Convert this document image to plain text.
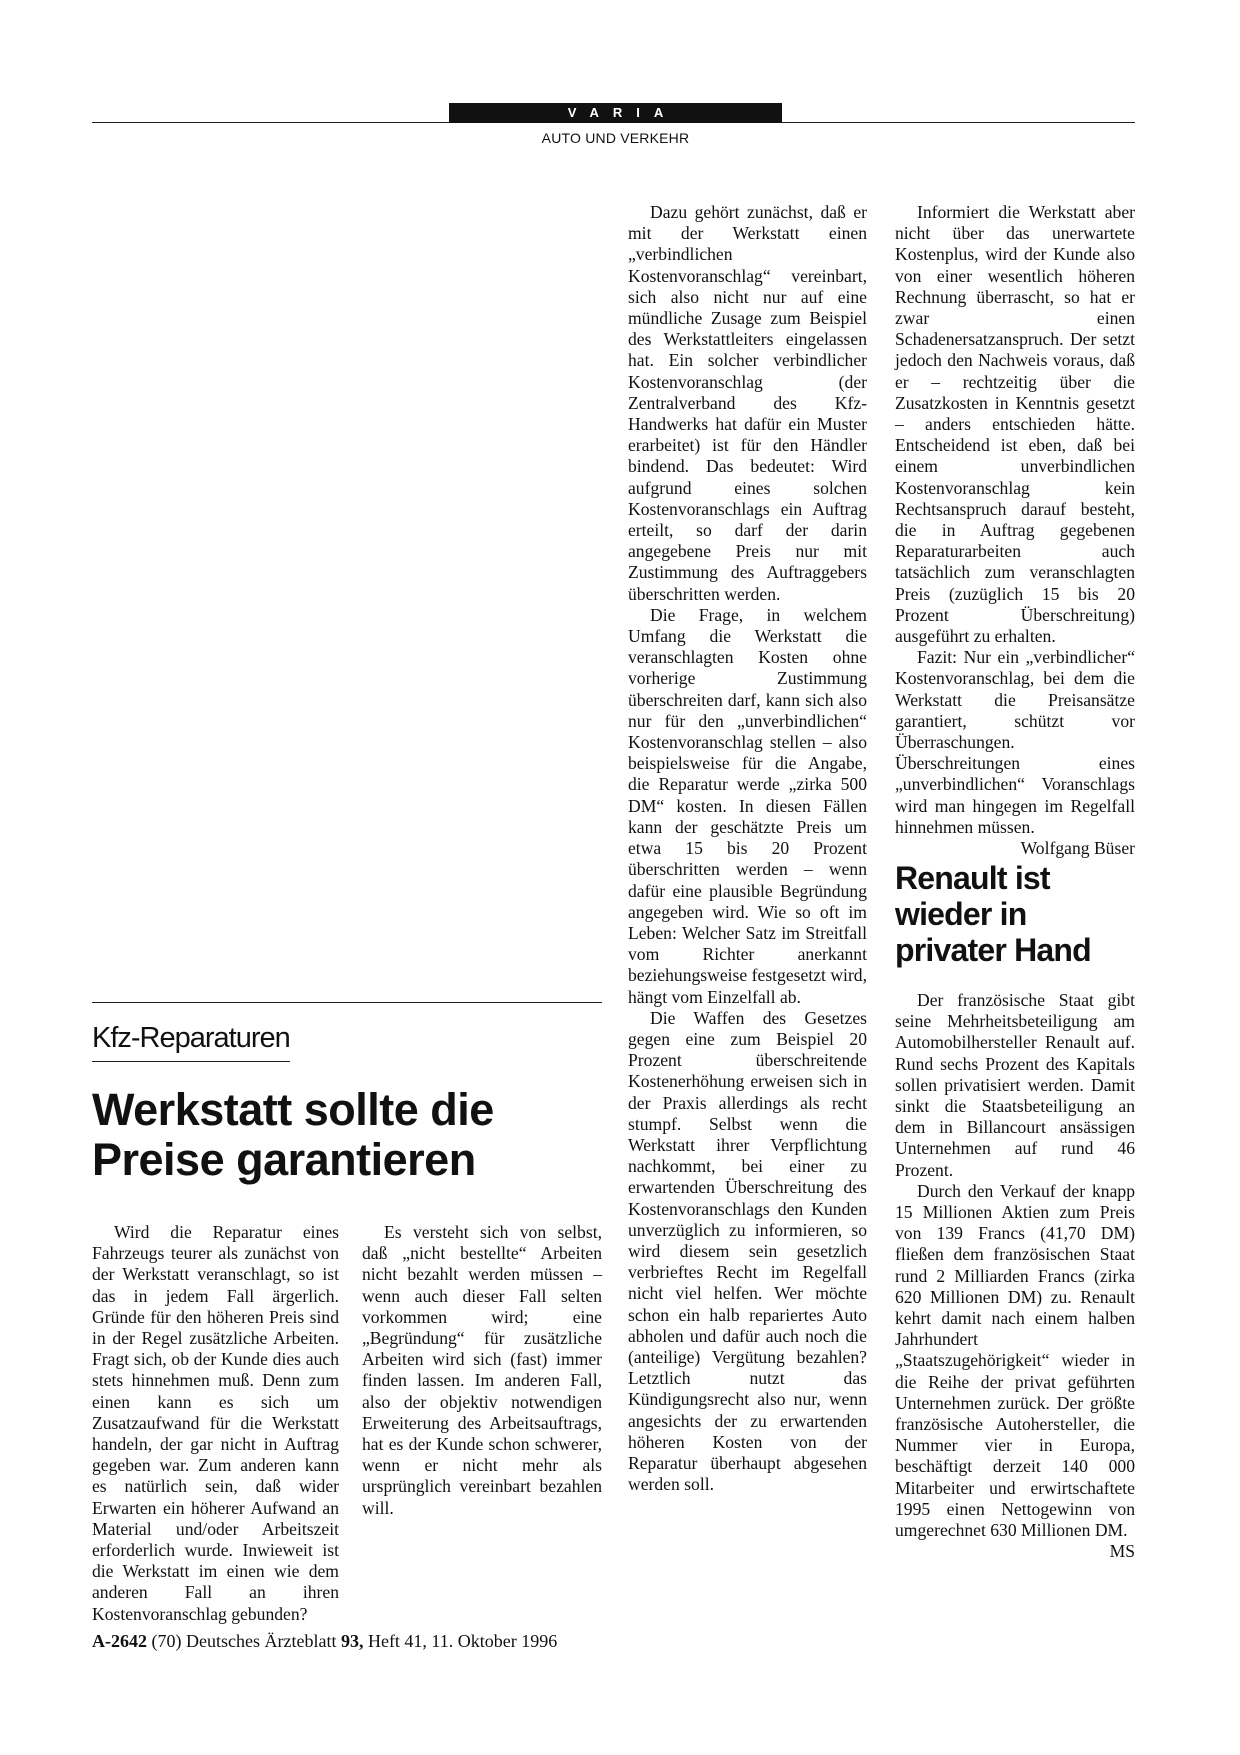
VARIA
AUTO UND VERKEHR
Kfz-Reparaturen
Werkstatt sollte die Preise garantieren

Wird die Reparatur eines Fahrzeugs teurer als zunächst von der Werkstatt veranschlagt, so ist das in jedem Fall ärgerlich. Gründe für den höheren Preis sind in der Regel zusätzliche Arbeiten. Fragt sich, ob der Kunde dies auch stets hinnehmen muß. Denn zum einen kann es sich um Zusatzaufwand für die Werkstatt handeln, der gar nicht in Auftrag gegeben war. Zum anderen kann es natürlich sein, daß wider Erwarten ein höherer Aufwand an Material und/oder Arbeitszeit erforderlich wurde. Inwieweit ist die Werkstatt im einen wie dem anderen Fall an ihren Kostenvoranschlag gebunden?

Es versteht sich von selbst, daß „nicht bestellte“ Arbeiten nicht bezahlt werden müssen – wenn auch dieser Fall selten vorkommen wird; eine „Begründung“ für zusätzliche Arbeiten wird sich (fast) immer finden lassen. Im anderen Fall, also der objektiv notwendigen Erweiterung des Arbeitsauftrags, hat es der Kunde schon schwerer, wenn er nicht mehr als ursprünglich vereinbart bezahlen will.

Dazu gehört zunächst, daß er mit der Werkstatt einen „verbindlichen Kostenvoranschlag“ vereinbart, sich also nicht nur auf eine mündliche Zusage zum Beispiel des Werkstattleiters eingelassen hat. Ein solcher verbindlicher Kostenvoranschlag (der Zentralverband des Kfz-Handwerks hat dafür ein Muster erarbeitet) ist für den Händler bindend. Das bedeutet: Wird aufgrund eines solchen Kostenvoranschlags ein Auftrag erteilt, so darf der darin angegebene Preis nur mit Zustimmung des Auftraggebers überschritten werden.

Die Frage, in welchem Umfang die Werkstatt die veranschlagten Kosten ohne vorherige Zustimmung überschreiten darf, kann sich also nur für den „unverbindlichen“ Kostenvoranschlag stellen – also beispielsweise für die Angabe, die Reparatur werde „zirka 500 DM“ kosten. In diesen Fällen kann der geschätzte Preis um etwa 15 bis 20 Prozent überschritten werden – wenn dafür eine plausible Begründung angegeben wird. Wie so oft im Leben: Welcher Satz im Streitfall vom Richter anerkannt beziehungsweise festgesetzt wird, hängt vom Einzelfall ab.

Die Waffen des Gesetzes gegen eine zum Beispiel 20 Prozent überschreitende Kostenerhöhung erweisen sich in der Praxis allerdings als recht stumpf. Selbst wenn die Werkstatt ihrer Verpflichtung nachkommt, bei einer zu erwartenden Überschreitung des Kostenvoranschlags den Kunden unverzüglich zu informieren, so wird diesem sein gesetzlich verbrieftes Recht im Regelfall nicht viel helfen. Wer möchte schon ein halb repariertes Auto abholen und dafür auch noch die (anteilige) Vergütung bezahlen? Letztlich nutzt das Kündigungsrecht also nur, wenn angesichts der zu erwartenden höheren Kosten von der Reparatur überhaupt abgesehen werden soll.

Informiert die Werkstatt aber nicht über das unerwartete Kostenplus, wird der Kunde also von einer wesentlich höheren Rechnung überrascht, so hat er zwar einen Schadenersatzanspruch. Der setzt jedoch den Nachweis voraus, daß er – rechtzeitig über die Zusatzkosten in Kenntnis gesetzt – anders entschieden hätte. Entscheidend ist eben, daß bei einem unverbindlichen Kostenvoranschlag kein Rechtsanspruch darauf besteht, die in Auftrag gegebenen Reparaturarbeiten auch tatsächlich zum veranschlagten Preis (zuzüglich 15 bis 20 Prozent Überschreitung) ausgeführt zu erhalten.

Fazit: Nur ein „verbindlicher“ Kostenvoranschlag, bei dem die Werkstatt die Preisansätze garantiert, schützt vor Überraschungen. Überschreitungen eines „unverbindlichen“ Voranschlags wird man hingegen im Regelfall hinnehmen müssen.
Wolfgang Büser

Renault ist wieder in privater Hand

Der französische Staat gibt seine Mehrheitsbeteiligung am Automobilhersteller Renault auf. Rund sechs Prozent des Kapitals sollen privatisiert werden. Damit sinkt die Staatsbeteiligung an dem in Billancourt ansässigen Unternehmen auf rund 46 Prozent.

Durch den Verkauf der knapp 15 Millionen Aktien zum Preis von 139 Francs (41,70 DM) fließen dem französischen Staat rund 2 Milliarden Francs (zirka 620 Millionen DM) zu. Renault kehrt damit nach einem halben Jahrhundert „Staatszugehörigkeit“ wieder in die Reihe der privat geführten Unternehmen zurück. Der größte französische Autohersteller, die Nummer vier in Europa, beschäftigt derzeit 140 000 Mitarbeiter und erwirtschaftete 1995 einen Nettogewinn von umgerechnet 630 Millionen DM.
MS

A-2642 (70) Deutsches Ärzteblatt 93, Heft 41, 11. Oktober 1996
